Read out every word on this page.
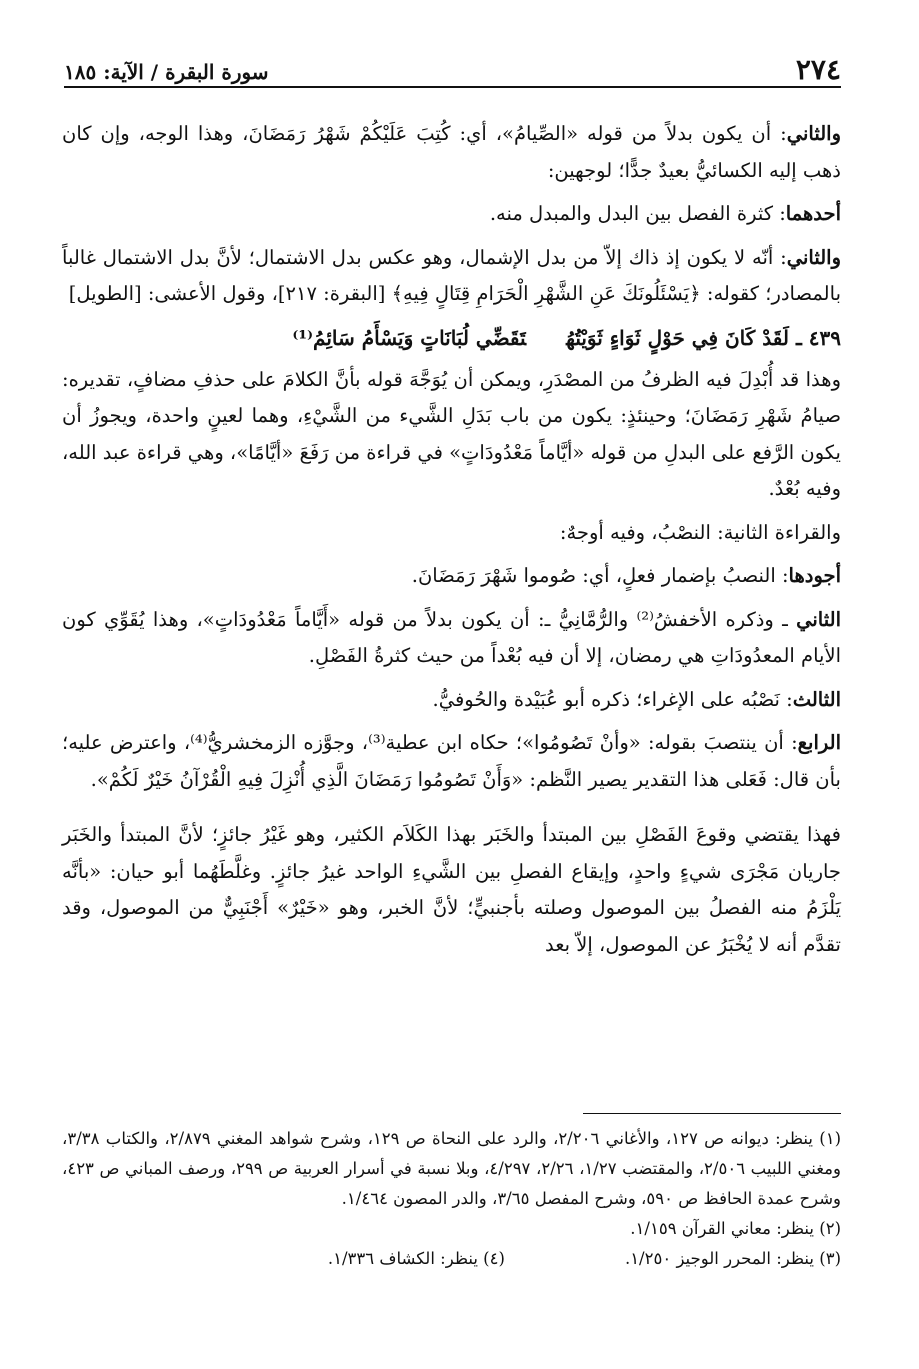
٢٧٤
سورة البقرة / الآية: ١٨٥

والثاني: أن يكون بدلاً من قوله «الصِّيامُ»، أي: كُتِبَ عَلَيْكُمْ شَهْرُ رَمَضَانَ، وهذا الوجه، وإن كان ذهب إليه الكسائيُّ بعيدٌ جدًّا؛ لوجهين:

أحدهما: كثرة الفصل بين البدل والمبدل منه.

والثاني: أنّه لا يكون إذ ذاك إلاّ من بدل الإشمال، وهو عكس بدل الاشتمال؛ لأنَّ بدل الاشتمال غالباً بالمصادر؛ كقوله: ﴿يَسْئَلُونَكَ عَنِ الشَّهْرِ الْحَرَامِ قِتَالٍ فِيهِ﴾ [البقرة: ٢١٧]، وقول الأعشى: [الطويل]

٤٣٩ ـ لَقَدْ كَانَ فِي حَوْلٍ ثَوَاءٍ ثَوَيْتُهُتَقَضِّي لُبَانَاتٍ وَيَسْأَمُ سَائِمُ⁽¹⁾

وهذا قد أُبْدِلَ فيه الظرفُ من المصْدَرِ، ويمكن أن يُوَجَّهَ قوله بأنَّ الكلامَ على حذفِ مضافٍ، تقديره: صيامُ شَهْرِ رَمَضَانَ؛ وحينئذٍ: يكون من باب بَدَلِ الشَّيء من الشَّيْءِ، وهما لعينٍ واحدة، ويجوزُ أن يكون الرَّفع على البدلِ من قوله «أيَّاماً مَعْدُودَاتٍ» في قراءة من رَفَعَ «أيَّامًا»، وهي قراءة عبد الله، وفيه بُعْدٌ.

والقراءة الثانية: النصْبُ، وفيه أوجهٌ:

أجودها: النصبُ بإضمار فعلٍ، أي: صُوموا شَهْرَ رَمَضَانَ.

الثاني ـ وذكره الأخفشُ⁽²⁾ والرُّمَّانِيُّ ـ: أن يكون بدلاً من قوله «أَيَّاماً مَعْدُودَاتٍ»، وهذا يُقَوِّي كون الأيام المعدُودَاتِ هي رمضان، إلا أن فيه بُعْداً من حيث كثرةُ الفَصْلِ.

الثالث: نَصْبُه على الإغراء؛ ذكره أبو عُبَيْدة والحُوفيُّ.

الرابع: أن ينتصبَ بقوله: «وأنْ تَصُومُوا»؛ حكاه ابن عطية⁽³⁾، وجوَّزه الزمخشريُّ⁽⁴⁾، واعترض عليه؛ بأن قال: فَعَلى هذا التقدير يصير النَّظم: «وَأَنْ تَصُومُوا رَمَضَانَ الَّذِي أُنْزِلَ فِيهِ الْقُرْآنُ خَيْرٌ لَكُمْ».

فهذا يقتضي وقوعَ الفَصْلِ بين المبتدأ والخَبَر بهذا الكَلاَم الكثير، وهو غَيْرُ جائزٍ؛ لأنَّ المبتدأ والخَبَر جاريان مَجْرَى شيءٍ واحدٍ، وإيقاع الفصلِ بين الشَّيءِ الواحد غيرُ جائزٍ. وغلَّطَهُما أبو حيان: «بأنَّه يَلْزَمُ منه الفصلُ بين الموصول وصلته بأجنبيٍّ؛ لأنَّ الخبر، وهو «خَيْرٌ» أَجْنَبِيٌّ من الموصول، وقد تقدَّم أنه لا يُخْبَرُ عن الموصول، إلاّ بعد

(١) ينظر: ديوانه ص ١٢٧، والأغاني ٢/٢٠٦، والرد على النحاة ص ١٢٩، وشرح شواهد المغني ٢/٨٧٩، والكتاب ٣/٣٨، ومغني اللبيب ٢/٥٠٦، والمقتضب ١/٢٧، ٢/٢٦، ٤/٢٩٧، وبلا نسبة في أسرار العربية ص ٢٩٩، ورصف المباني ص ٤٢٣، وشرح عمدة الحافظ ص ٥٩٠، وشرح المفصل ٣/٦٥، والدر المصون ١/٤٦٤.

(٢) ينظر: معاني القرآن ١/١٥٩.

(٣) ينظر: المحرر الوجيز ١/٢٥٠.
(٤) ينظر: الكشاف ١/٣٣٦.
